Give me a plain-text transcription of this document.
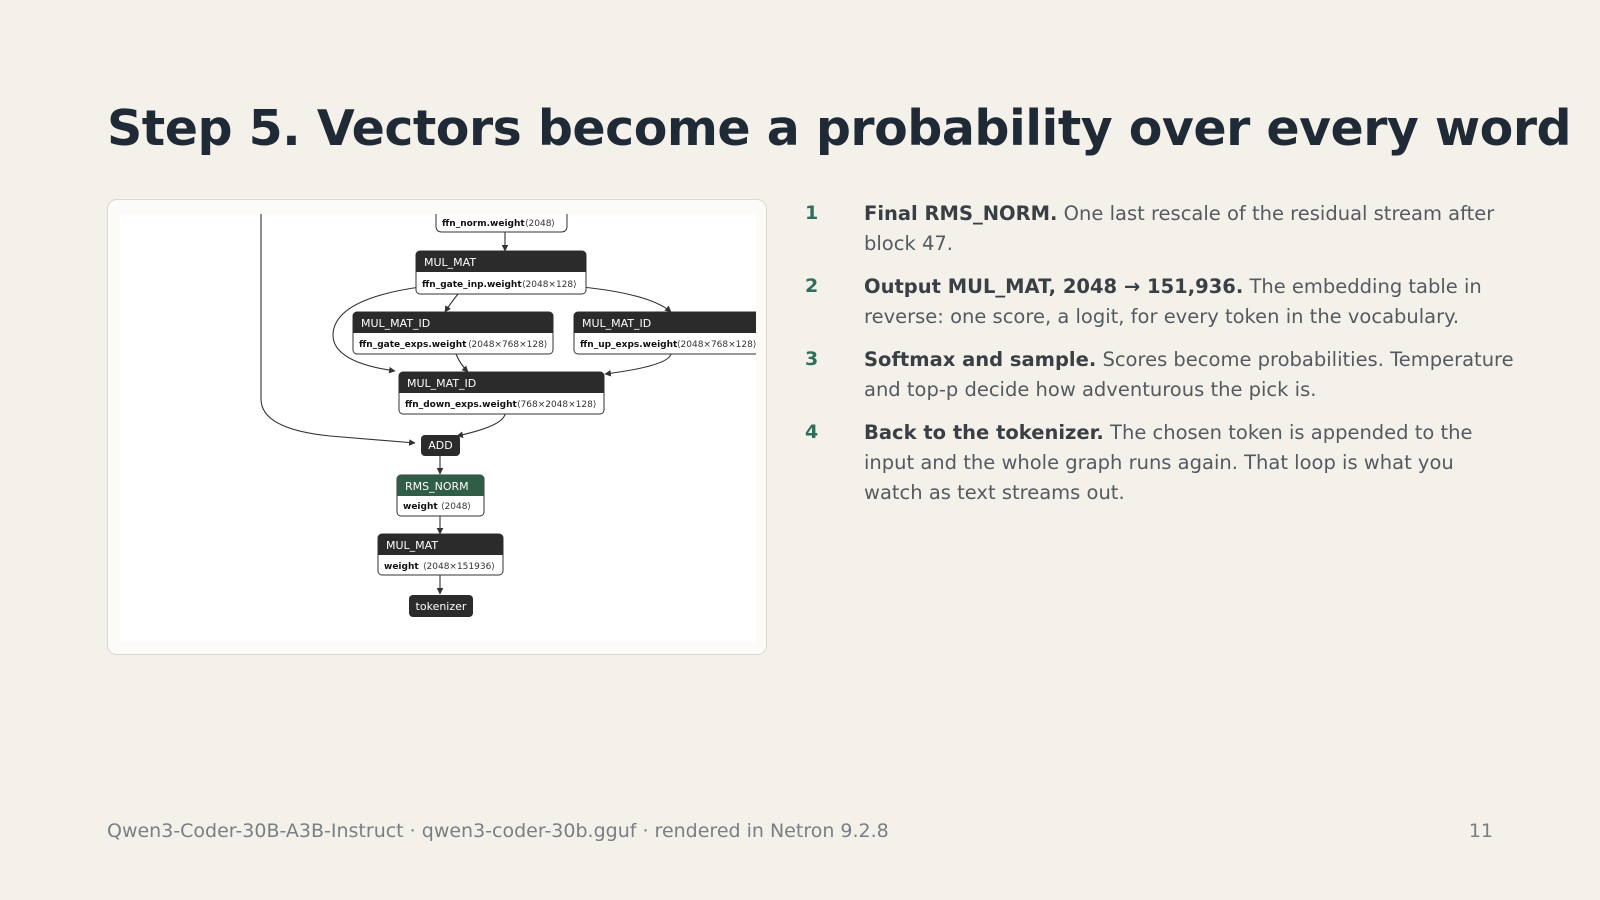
Step 5. Vectors become a probability over every word
ffn_norm.weight ⟨2048⟩
MUL_MAT
ffn_gate_inp.weight ⟨2048×128⟩
MUL_MAT_ID
ffn_gate_exps.weight ⟨2048×768×128⟩
MUL_MAT_ID
ffn_up_exps.weight ⟨2048×768×128⟩
MUL_MAT_ID
ffn_down_exps.weight ⟨768×2048×128⟩
ADD
RMS_NORM
weight ⟨2048⟩
MUL_MAT
weight ⟨2048×151936⟩
tokenizer
1 Final RMS_NORM. One last rescale of the residual stream after block 47.
2 Output MUL_MAT, 2048 → 151,936. The embedding table in reverse: one score, a logit, for every token in the vocabulary.
3 Softmax and sample. Scores become probabilities. Temperature and top-p decide how adventurous the pick is.
4 Back to the tokenizer. The chosen token is appended to the input and the whole graph runs again. That loop is what you watch as text streams out.
Qwen3-Coder-30B-A3B-Instruct · qwen3-coder-30b.gguf · rendered in Netron 9.2.8	11
